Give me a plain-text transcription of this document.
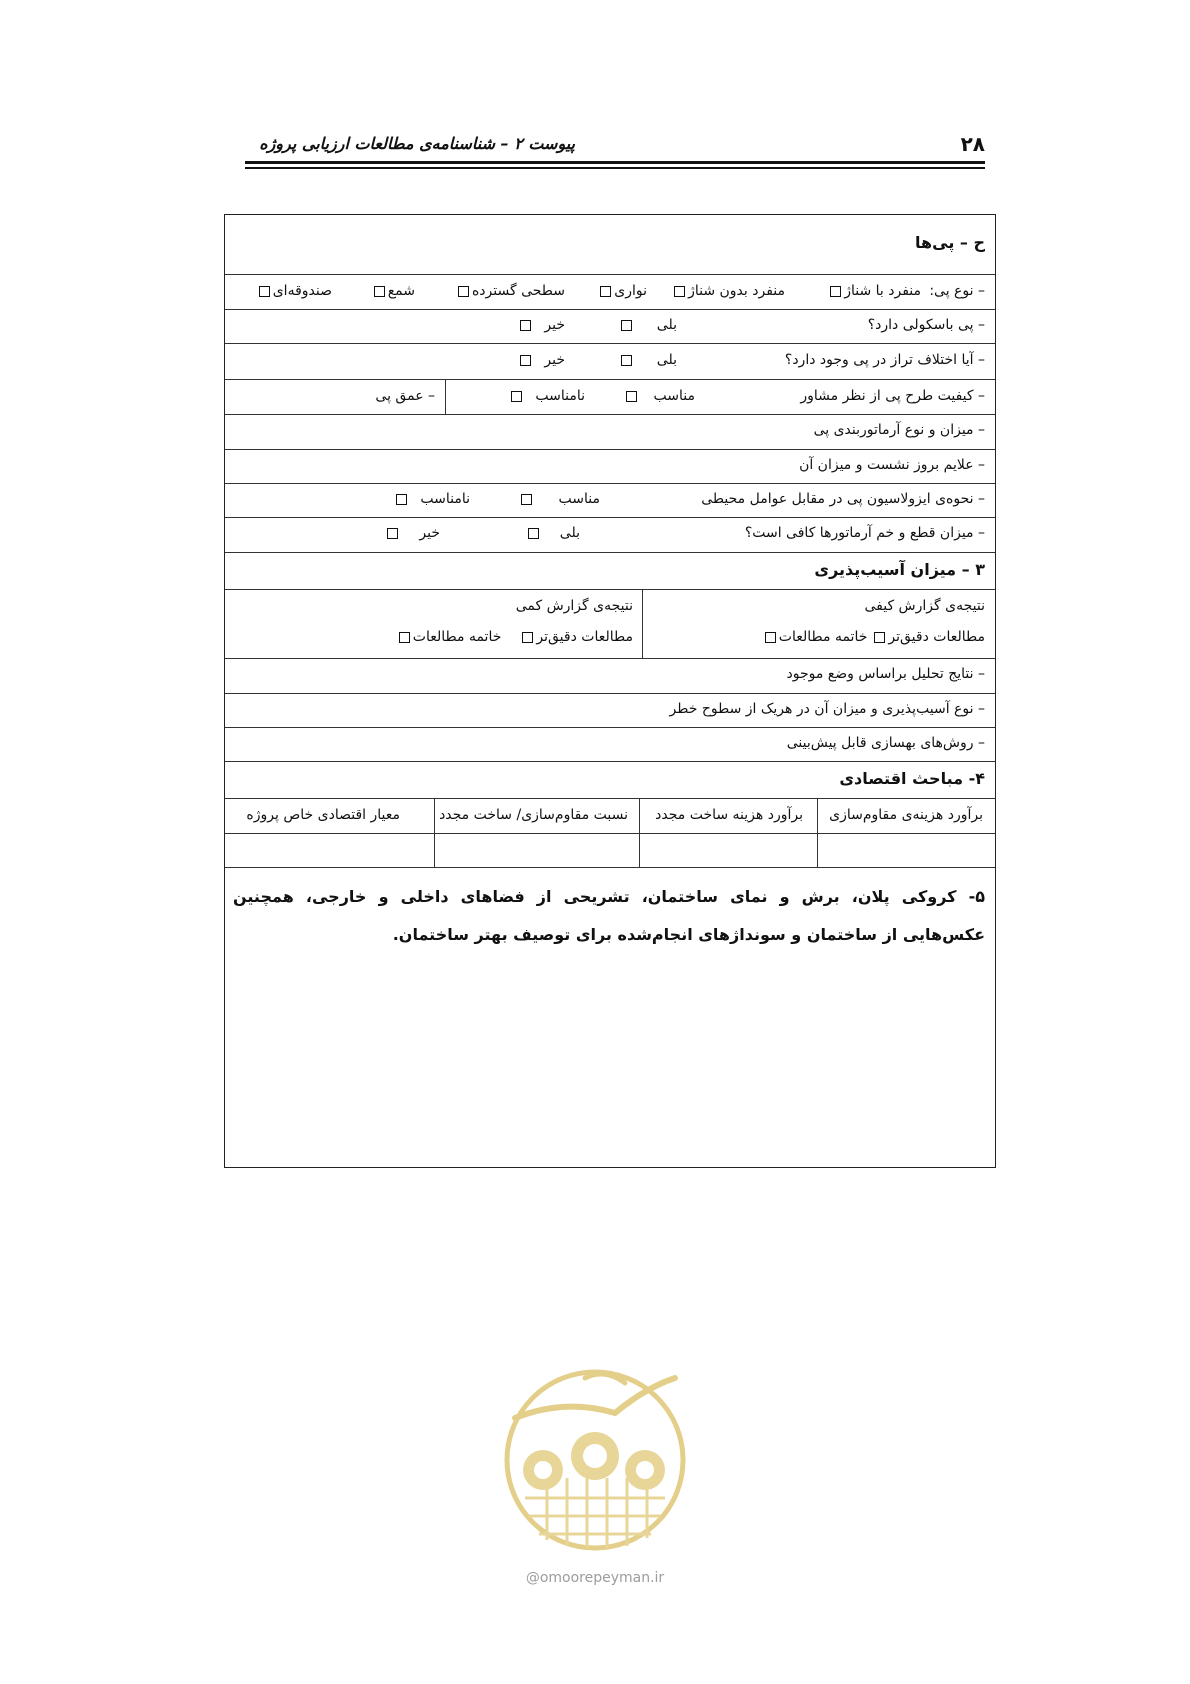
۲۸
پیوست ۲ – شناسنامه‌ی مطالعات ارزیابی پروژه
ح – پی‌ها
– نوع پی:
منفرد با شناژ
منفرد بدون شناژ
نواری
سطحی گسترده
شمع
صندوقه‌ای
– پی باسکولی دارد؟
بلی
خیر
– آیا اختلاف تراز در پی وجود دارد؟
بلی
خیر
– کیفیت طرح پی از نظر مشاور
مناسب
نامناسب
– عمق پی
– میزان و نوع آرماتوربندی پی
– علایم بروز نشست و میزان آن
– نحوه‌ی ایزولاسیون پی در مقابل عوامل محیطی
مناسب
نامناسب
– میزان قطع و خم آرماتورها کافی است؟
بلی
خیر
۳ – میزان آسیب‌پذیری
نتیجه‌ی گزارش کیفی
مطالعات دقیق‌ترخاتمه مطالعات
نتیجه‌ی گزارش کمی
مطالعات دقیق‌ترخاتمه مطالعات
– نتایج تحلیل براساس وضع موجود
– نوع آسیب‌پذیری و میزان آن در هریک از سطوح خطر
– روش‌های بهسازی قابل پیش‌بینی
۴- مباحث اقتصادی
برآورد هزینه‌ی مقاوم‌سازی
برآورد هزینه ساخت مجدد
نسبت مقاوم‌سازی/ ساخت مجدد
معیار اقتصادی خاص پروژه
۵- کروکی پلان، برش و نمای ساختمان، تشریحی از فضاهای داخلی و خارجی، همچنین عکس‌هایی از ساختمان و سونداژهای انجام‌شده برای توصیف بهتر ساختمان.
@omoorepeyman.ir
